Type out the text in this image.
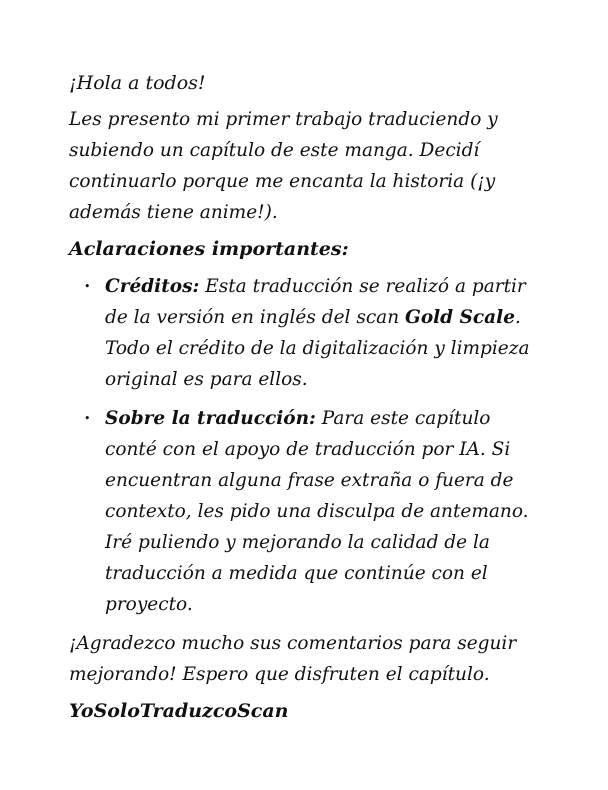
¡Hola a todos!

Les presento mi primer trabajo traduciendo y subiendo un capítulo de este manga. Decidí continuarlo porque me encanta la historia (¡y además tiene anime!).

Aclaraciones importantes:

• Créditos: Esta traducción se realizó a partir de la versión en inglés del scan Gold Scale. Todo el crédito de la digitalización y limpieza original es para ellos.
• Sobre la traducción: Para este capítulo conté con el apoyo de traducción por IA. Si encuentran alguna frase extraña o fuera de contexto, les pido una disculpa de antemano. Iré puliendo y mejorando la calidad de la traducción a medida que continúe con el proyecto.

¡Agradezco mucho sus comentarios para seguir mejorando! Espero que disfruten el capítulo.

YoSoloTraduzcoScan
